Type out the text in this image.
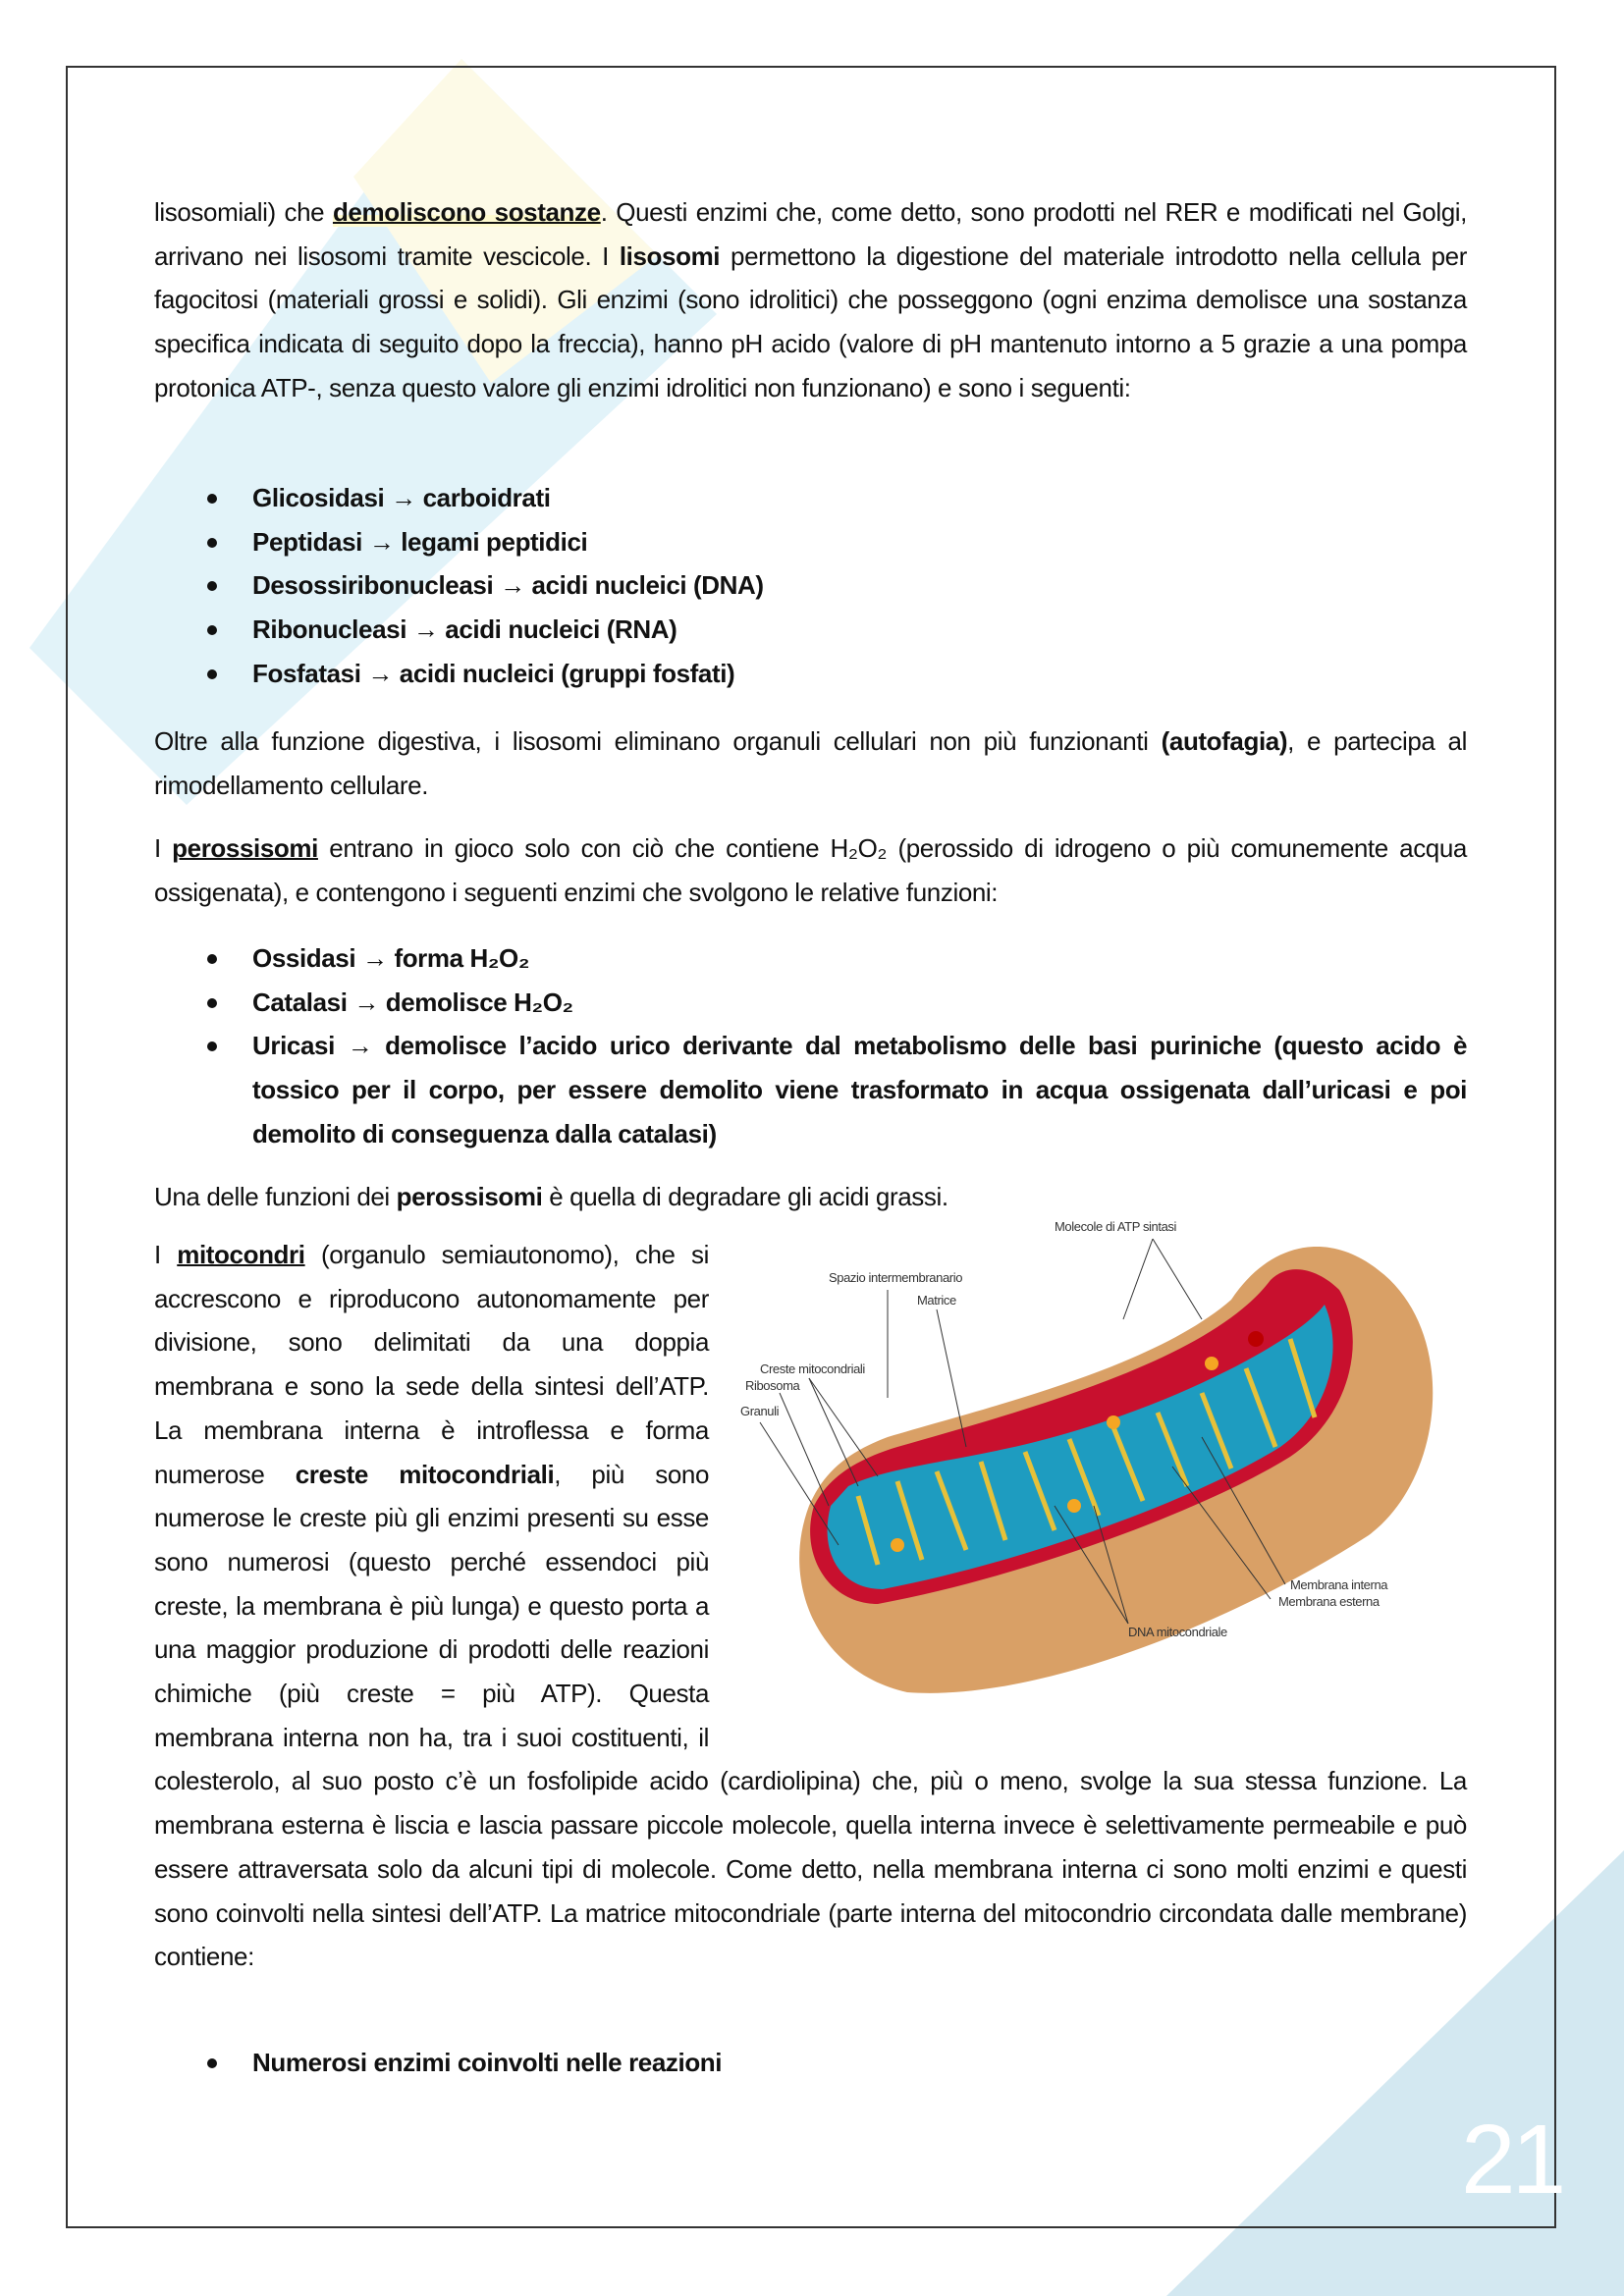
lisosomiali) che demoliscono sostanze. Questi enzimi che, come detto, sono prodotti nel RER e modificati nel Golgi, arrivano nei lisosomi tramite vescicole. I lisosomi permettono la digestione del materiale introdotto nella cellula per fagocitosi (materiali grossi e solidi). Gli enzimi (sono idrolitici) che posseggono (ogni enzima demolisce una sostanza specifica indicata di seguito dopo la freccia), hanno pH acido (valore di pH mantenuto intorno a 5 grazie a una pompa protonica ATP-, senza questo valore gli enzimi idrolitici non funzionano) e sono i seguenti:

Glicosidasi → carboidrati
Peptidasi → legami peptidici
Desossiribonucleasi → acidi nucleici (DNA)
Ribonucleasi → acidi nucleici (RNA)
Fosfatasi → acidi nucleici (gruppi fosfati)

Oltre alla funzione digestiva, i lisosomi eliminano organuli cellulari non più funzionanti (autofagia), e partecipa al rimodellamento cellulare.

I perossisomi entrano in gioco solo con ciò che contiene H₂O₂ (perossido di idrogeno o più comunemente acqua ossigenata), e contengono i seguenti enzimi che svolgono le relative funzioni:

Ossidasi → forma H₂O₂
Catalasi → demolisce H₂O₂
Uricasi → demolisce l’acido urico derivante dal metabolismo delle basi puriniche (questo acido è tossico per il corpo, per essere demolito viene trasformato in acqua ossigenata dall’uricasi e poi demolito di conseguenza dalla catalasi)

Una delle funzioni dei perossisomi è quella di degradare gli acidi grassi.

Molecole di ATP sintasi
Spazio intermembranario
Matrice
Creste mitocondriali
Ribosoma
Granuli
Membrana interna
Membrana esterna
DNA mitocondriale

I mitocondri (organulo semiautonomo), che si accrescono e riproducono autonomamente per divisione, sono delimitati da una doppia membrana e sono la sede della sintesi dell’ATP. La membrana interna è introflessa e forma numerose creste mitocondriali, più sono numerose le creste più gli enzimi presenti su esse sono numerosi (questo perché essendoci più creste, la membrana è più lunga) e questo porta a una maggior produzione di prodotti delle reazioni chimiche (più creste = più ATP). Questa membrana interna non ha, tra i suoi costituenti, il colesterolo, al suo posto c’è un fosfolipide acido (cardiolipina) che, più o meno, svolge la sua stessa funzione. La membrana esterna è liscia e lascia passare piccole molecole, quella interna invece è selettivamente permeabile e può essere attraversata solo da alcuni tipi di molecole. Come detto, nella membrana interna ci sono molti enzimi e questi sono coinvolti nella sintesi dell’ATP. La matrice mitocondriale (parte interna del mitocondrio circondata dalle membrane) contiene:

Numerosi enzimi coinvolti nelle reazioni
21
